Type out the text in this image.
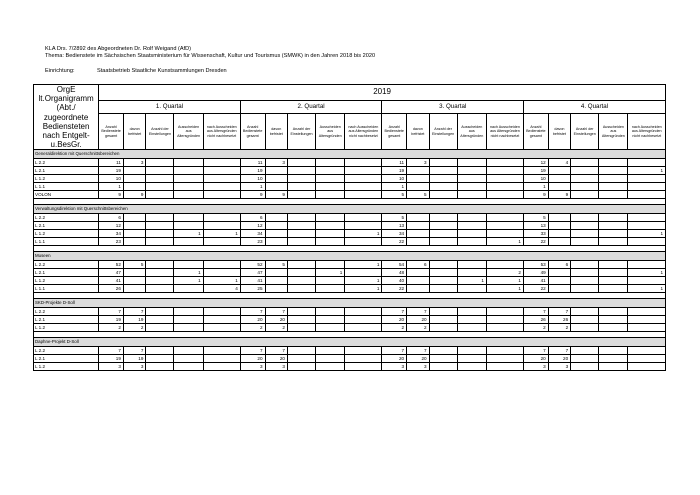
KLA Drs. 7/2892 des Abgeordneten Dr. Rolf Weigand (AfD)
Thema: Bedienstete im Sächsischen Staatsministerium für Wissenschaft, Kultur und Tourismus (SMWK) in den Jahren 2018 bis 2020
Einrichtung:	Staatsbetrieb Staatliche Kunstsammlungen Dresden
OrgE lt.Organigramm (Abt./ zugeordnete Bediensteten nach Entgelt- u.BesGr.	2019																			
	1. Quartal					2. Quartal					3. Quartal					4. Quartal				
	Anzahl Bedienstete gesamt	davon befristet	Anzahl der Einstellungen	Ausscheiden aus Altersgründen	nach Ausscheiden aus Altersgründen nicht nachbesetzt	Anzahl Bedienstete gesamt	davon befristet	Anzahl der Einstellungen	Ausscheiden aus Altersgründen	nach Ausscheiden aus Altersgründen nicht nachbesetzt	Anzahl Bedienstete gesamt	davon befristet	Anzahl der Einstellungen	Ausscheiden aus Altersgründen	nach Ausscheiden aus Altersgründen nicht nachbesetzt	Anzahl Bedienstete gesamt	davon befristet	Anzahl der Einstellungen	Ausscheiden aus Altersgründen	nach Ausscheiden aus Altersgründen nicht nachbesetzt
Generaldirektion mit Querschnittsbereichen																				
L 2.2	11	3				11	3				11	3				12	4			
L 2.1	19					19					19					19				1
L 1.2	10					10					10					10				
L 1.1	1					1					1					1				
VOLON	9	9				9	9				5	5				9	9			

Verwaltungsdirektion mit Querschnittsbereichen																				
L 2.2	6					6					5					5				
L 2.1	12					12					13					13				
L 1.2	34			1	1	34				1	34					33				1
L 1.1	23					23					22				1	22				

Museen																				
L 2.2	52	5				52	5			1	54	6				53	6			
L 2.1	47			1		47			1		48				2	49				1
L 1.2	41			1	1	41				1	40			1	1	41				
L 1.1	26				4	25				1	22				1	22				1

SKD-Projekte D-Soll																				
L 2.2	7	7				7	7				7	7				7	7			
L 2.1	19	19				20	20				20	20				26	26			
L 1.2	2	2				2	2				2	2				2	2			

Daphne-Projekt D-Soll																				
L 2.2	7	7				7	7				7	7				7	7			
L 2.1	19	19				20	20				20	20				20	20			
L 1.2	3	3				3	3				3	3				3	3			
